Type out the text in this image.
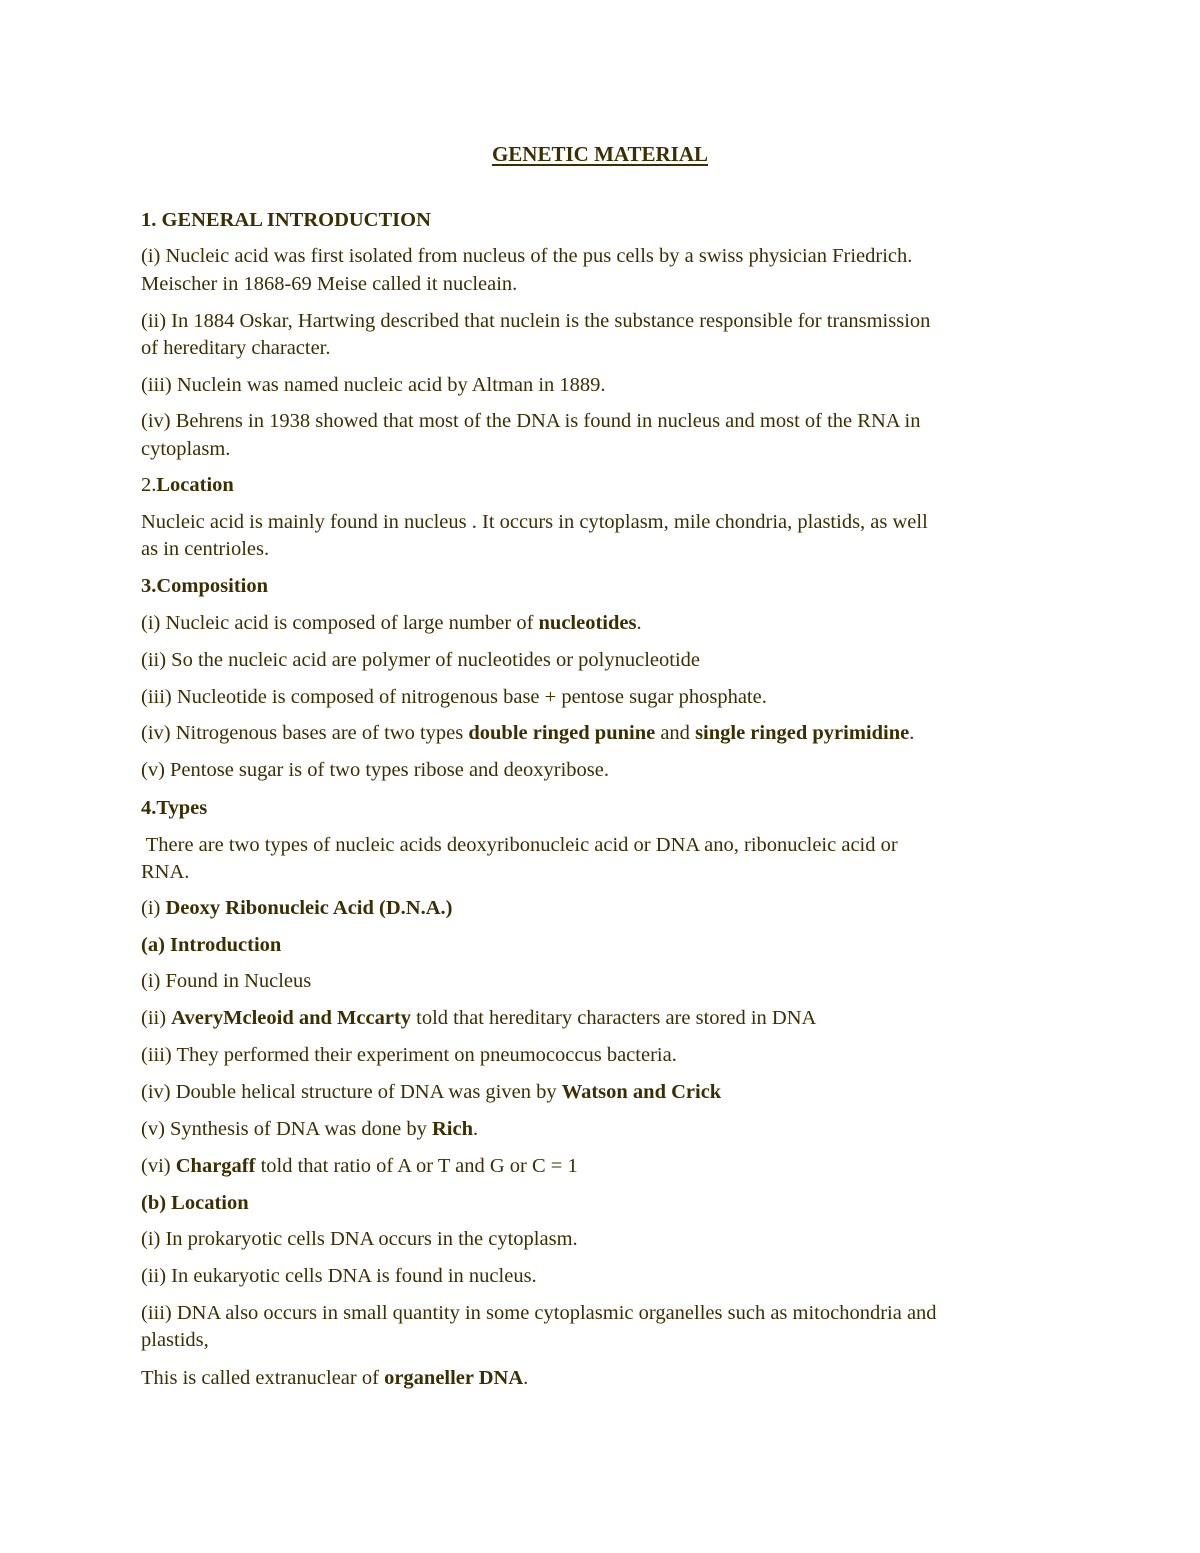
GENETIC MATERIAL
1. GENERAL INTRODUCTION
(i) Nucleic acid was first isolated from nucleus of the pus cells by a swiss physician Friedrich.
Meischer in 1868-69 Meise called it nucleain.
(ii) In 1884 Oskar, Hartwing described that nuclein is the substance responsible for transmission
of hereditary character.
(iii) Nuclein was named nucleic acid by Altman in 1889.
(iv) Behrens in 1938 showed that most of the DNA is found in nucleus and most of the RNA in
cytoplasm.
2.Location
Nucleic acid is mainly found in nucleus . It occurs in cytoplasm, mile chondria, plastids, as well
as in centrioles.
3.Composition
(i) Nucleic acid is composed of large number of nucleotides.
(ii) So the nucleic acid are polymer of nucleotides or polynucleotide
(iii) Nucleotide is composed of nitrogenous base + pentose sugar phosphate.
(iv) Nitrogenous bases are of two types double ringed punine and single ringed pyrimidine.
(v) Pentose sugar is of two types ribose and deoxyribose.
4.Types
There are two types of nucleic acids deoxyribonucleic acid or DNA ano, ribonucleic acid or
RNA.
(i) Deoxy Ribonucleic Acid (D.N.A.)
(a) Introduction
(i) Found in Nucleus
(ii) AveryMcleoid and Mccarty told that hereditary characters are stored in DNA
(iii) They performed their experiment on pneumococcus bacteria.
(iv) Double helical structure of DNA was given by Watson and Crick
(v) Synthesis of DNA was done by Rich.
(vi) Chargaff told that ratio of A or T and G or C = 1
(b) Location
(i) In prokaryotic cells DNA occurs in the cytoplasm.
(ii) In eukaryotic cells DNA is found in nucleus.
(iii) DNA also occurs in small quantity in some cytoplasmic organelles such as mitochondria and
plastids,
This is called extranuclear of organeller DNA.
